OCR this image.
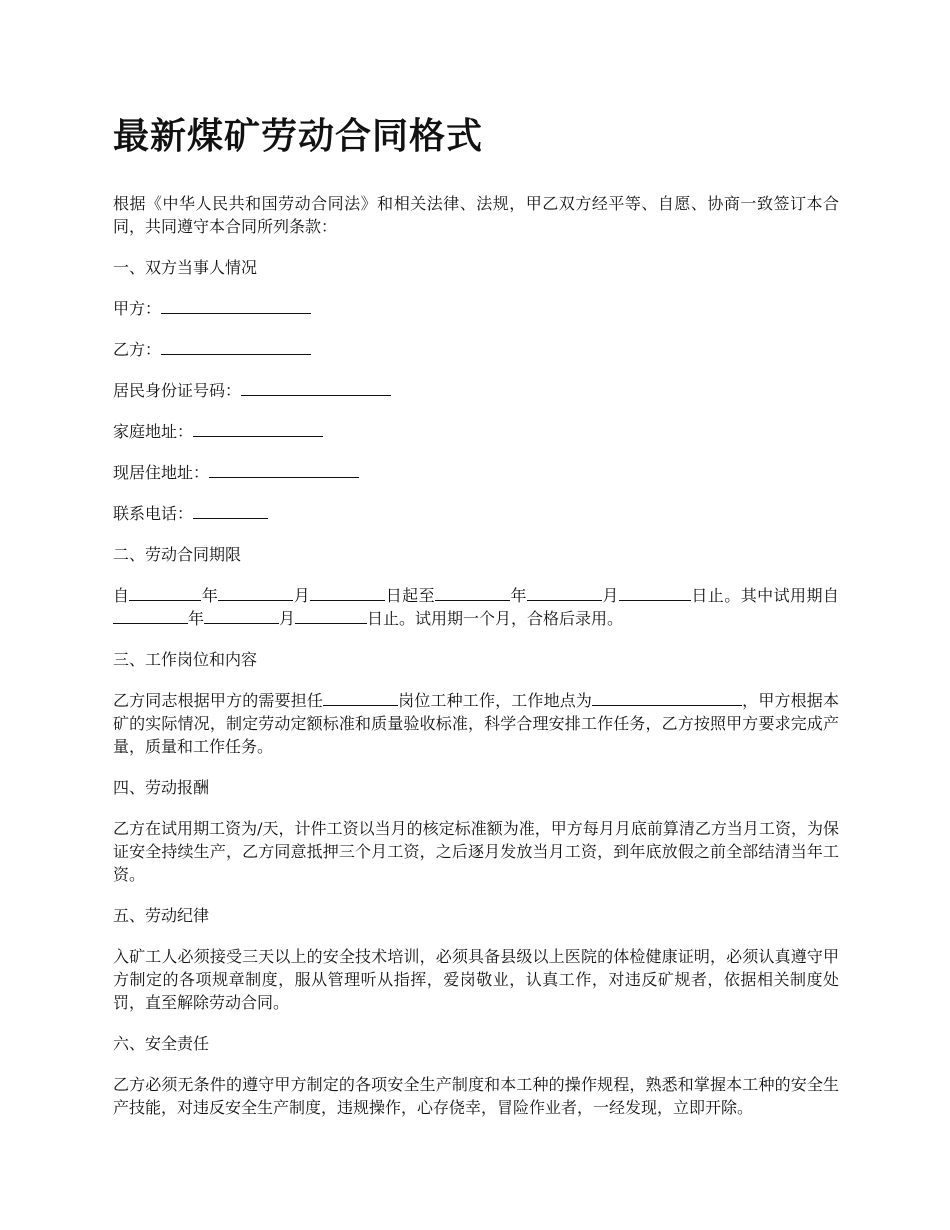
最新煤矿劳动合同格式

根据《中华人民共和国劳动合同法》和相关法律、法规，甲乙双方经平等、自愿、协商一致签订本合同，共同遵守本合同所列条款：

一、双方当事人情况

甲方：

乙方：

居民身份证号码：

家庭地址：

现居住地址：

联系电话：

二、劳动合同期限

自	年	月	日起至	年	月	日止。其中试用期自年	月	日止。试用期一个月，合格后录用。

三、工作岗位和内容

乙方同志根据甲方的需要担任	岗位工种工作，工作地点为	，甲方根据本矿的实际情况，制定劳动定额标准和质量验收标准，科学合理安排工作任务，乙方按照甲方要求完成产量，质量和工作任务。

四、劳动报酬

乙方在试用期工资为/天，计件工资以当月的核定标准额为准，甲方每月月底前算清乙方当月工资，为保证安全持续生产，乙方同意抵押三个月工资，之后逐月发放当月工资，到年底放假之前全部结清当年工资。

五、劳动纪律

入矿工人必须接受三天以上的安全技术培训，必须具备县级以上医院的体检健康证明，必须认真遵守甲方制定的各项规章制度，服从管理听从指挥，爱岗敬业，认真工作，对违反矿规者，依据相关制度处罚，直至解除劳动合同。

六、安全责任

乙方必须无条件的遵守甲方制定的各项安全生产制度和本工种的操作规程，熟悉和掌握本工种的安全生产技能，对违反安全生产制度，违规操作，心存侥幸，冒险作业者，一经发现，立即开除。
